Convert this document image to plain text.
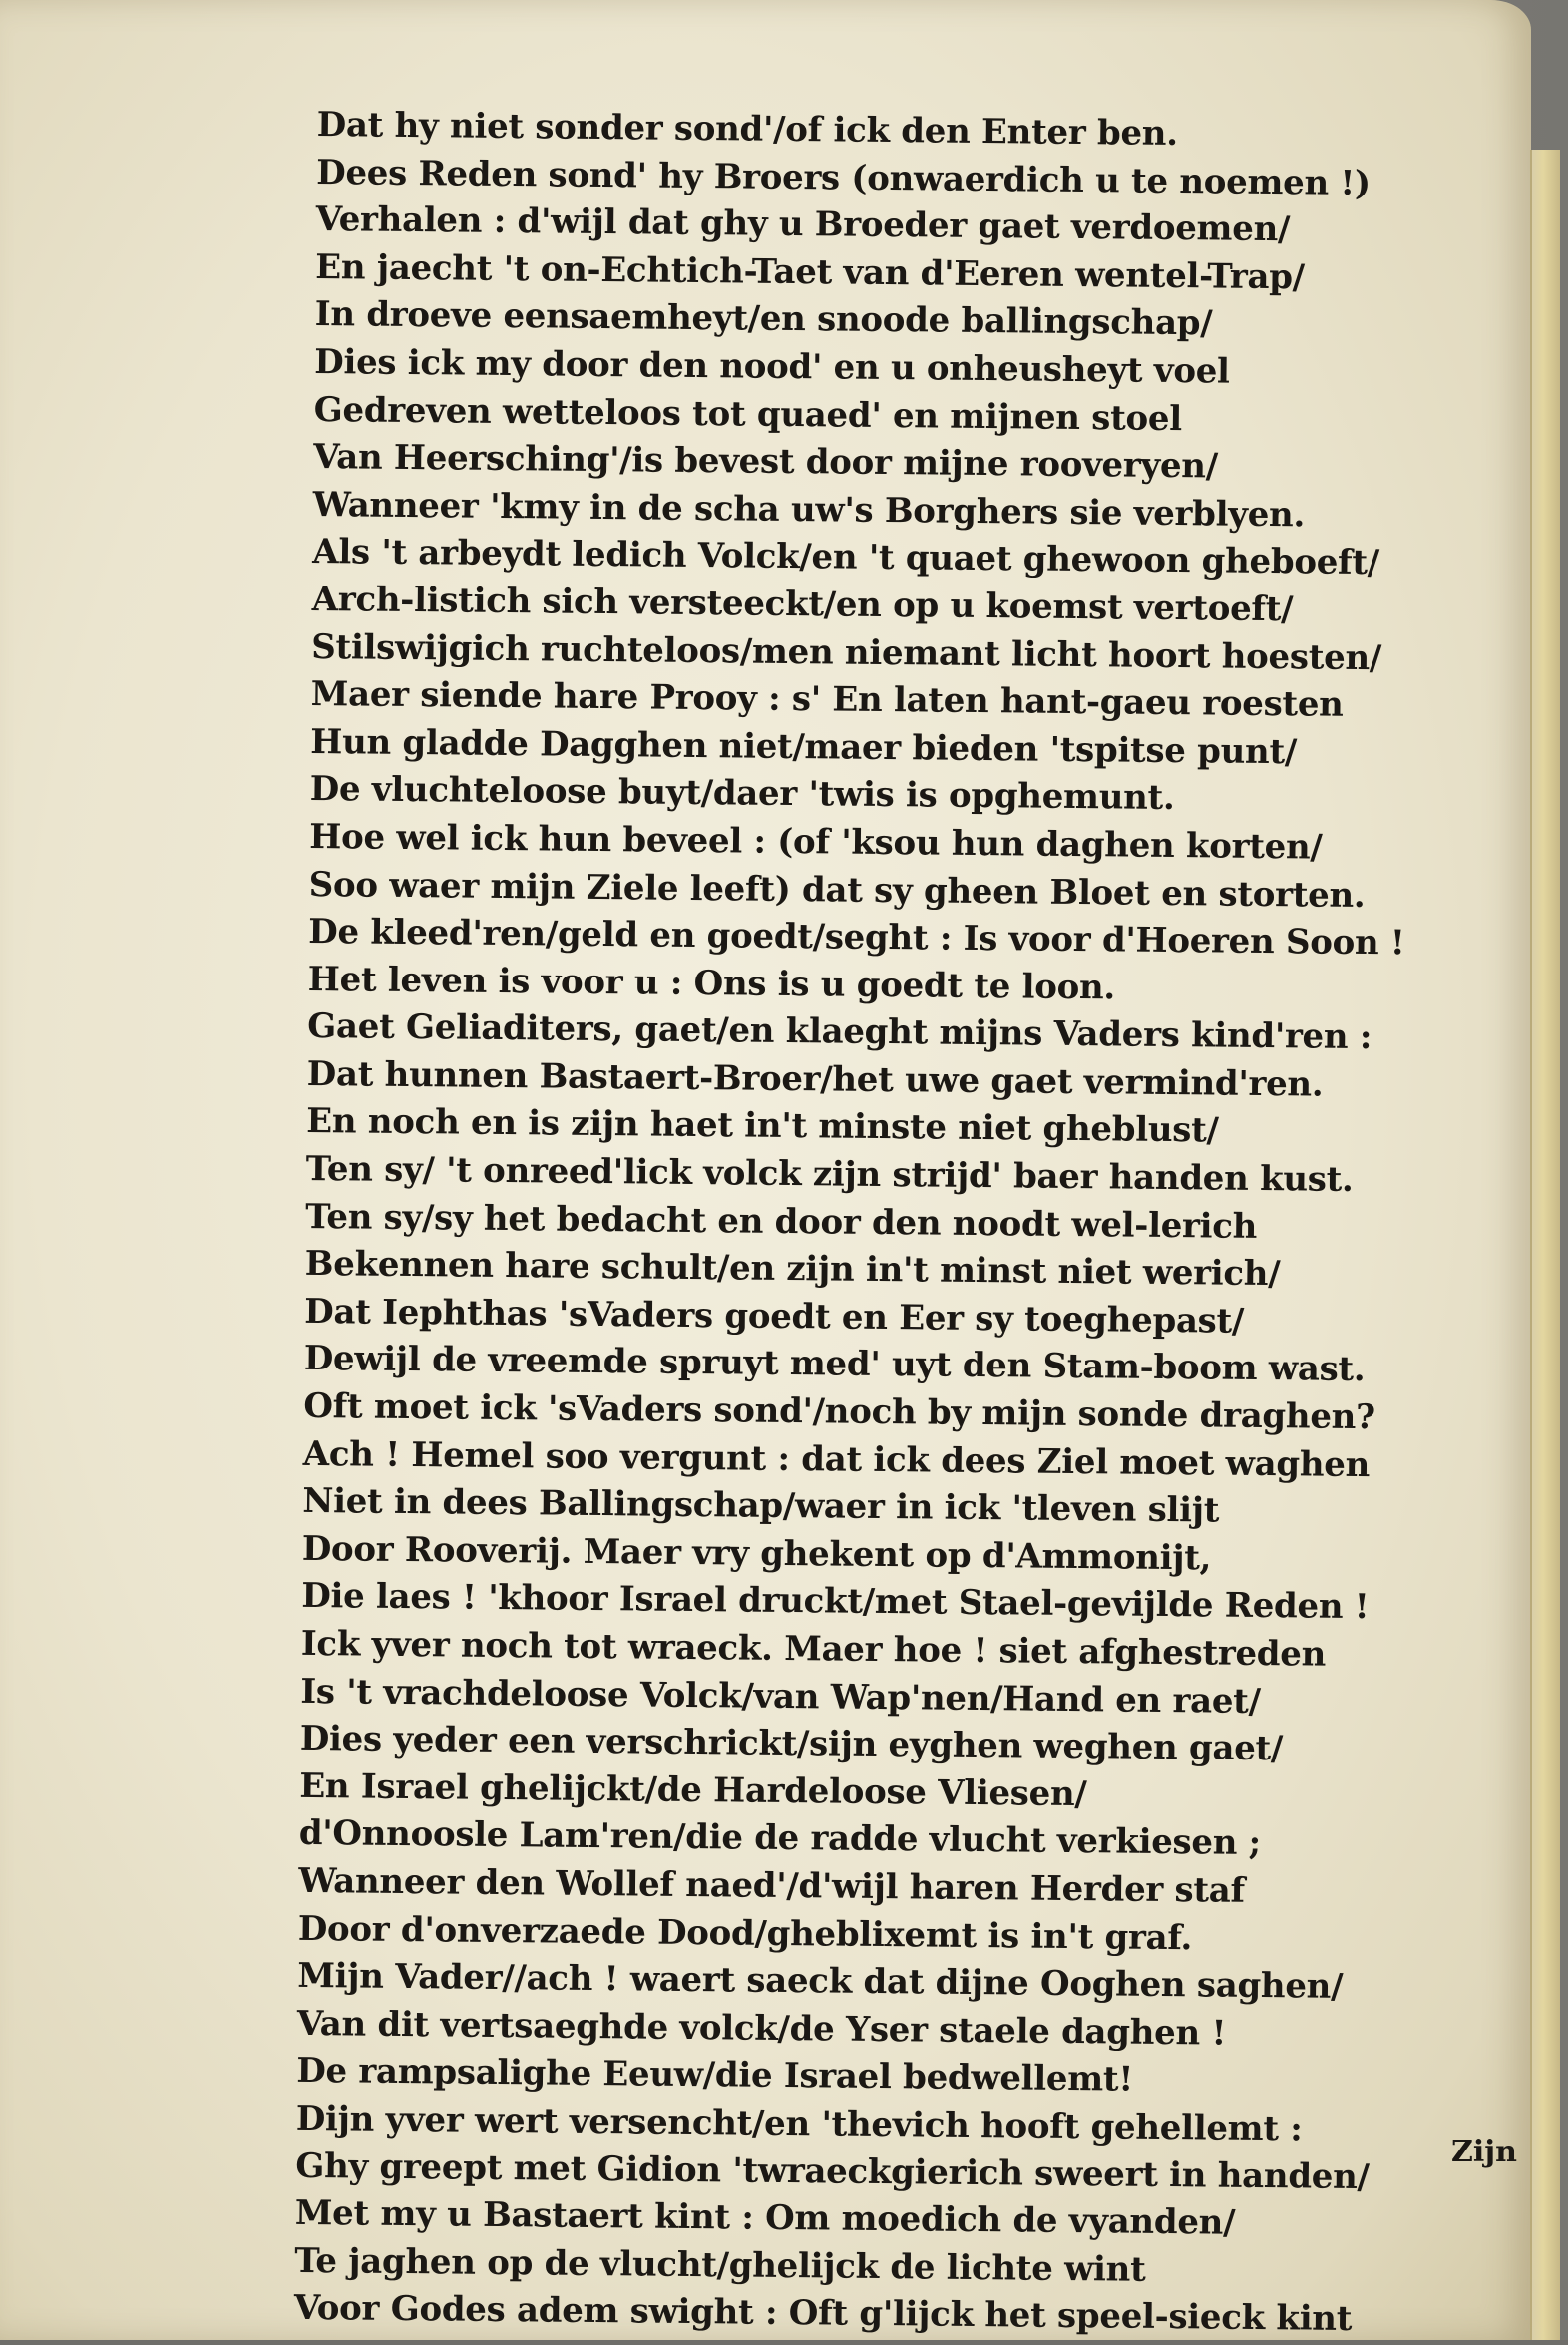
Dat hy niet sonder sond'/of ick den Enter ben.
Dees Reden sond' hy Broers (onwaerdich u te noemen !)
Verhalen : d'wijl dat ghy u Broeder gaet verdoemen/
En jaecht 't on-Echtich-Taet van d'Eeren wentel-Trap/
In droeve eensaemheyt/en snoode ballingschap/
Dies ick my door den nood' en u onheusheyt voel
Gedreven wetteloos tot quaed' en mijnen stoel
Van Heersching'/is bevest door mijne rooveryen/
Wanneer 'kmy in de scha uw's Borghers sie verblyen.
Als 't arbeydt ledich Volck/en 't quaet ghewoon gheboeft/
Arch-listich sich versteeckt/en op u koemst vertoeft/
Stilswijgich ruchteloos/men niemant licht hoort hoesten/
Maer siende hare Prooy : s' En laten hant-gaeu roesten
Hun gladde Dagghen niet/maer bieden 'tspitse punt/
De vluchteloose buyt/daer 'twis is opghemunt.
Hoe wel ick hun beveel : (of 'ksou hun daghen korten/
Soo waer mijn Ziele leeft) dat sy gheen Bloet en storten.
De kleed'ren/geld en goedt/seght : Is voor d'Hoeren Soon !
Het leven is voor u : Ons is u goedt te loon.
Gaet Geliaditers, gaet/en klaeght mijns Vaders kind'ren :
Dat hunnen Bastaert-Broer/het uwe gaet vermind'ren.
En noch en is zijn haet in't minste niet gheblust/
Ten sy/ 't onreed'lick volck zijn strijd' baer handen kust.
Ten sy/sy het bedacht en door den noodt wel-lerich
Bekennen hare schult/en zijn in't minst niet werich/
Dat Iephthas 'sVaders goedt en Eer sy toeghepast/
Dewijl de vreemde spruyt med' uyt den Stam-boom wast.
Oft moet ick 'sVaders sond'/noch by mijn sonde draghen?
Ach ! Hemel soo vergunt : dat ick dees Ziel moet waghen
Niet in dees Ballingschap/waer in ick 'tleven slijt
Door Rooverij. Maer vry ghekent op d'Ammonijt,
Die laes ! 'khoor Israel druckt/met Stael-gevijlde Reden !
Ick yver noch tot wraeck. Maer hoe ! siet afghestreden
Is 't vrachdeloose Volck/van Wap'nen/Hand en raet/
Dies yeder een verschrickt/sijn eyghen weghen gaet/
En Israel ghelijckt/de Hardeloose Vliesen/
d'Onnoosle Lam'ren/die de radde vlucht verkiesen ;
Wanneer den Wollef naed'/d'wijl haren Herder staf
Door d'onverzaede Dood/gheblixemt is in't graf.
Mijn Vader//ach ! waert saeck dat dijne Ooghen saghen/
Van dit vertsaeghde volck/de Yser staele daghen !
De rampsalighe Eeuw/die Israel bedwellemt!
Dijn yver wert versencht/en 'thevich hooft gehellemt :
Ghy greept met Gidion 'twraeckgierich sweert in handen/
Met my u Bastaert kint : Om moedich de vyanden/
Te jaghen op de vlucht/ghelijck de lichte wint
Voor Godes adem swight : Oft g'lijck het speel-sieck kint
Zijn
